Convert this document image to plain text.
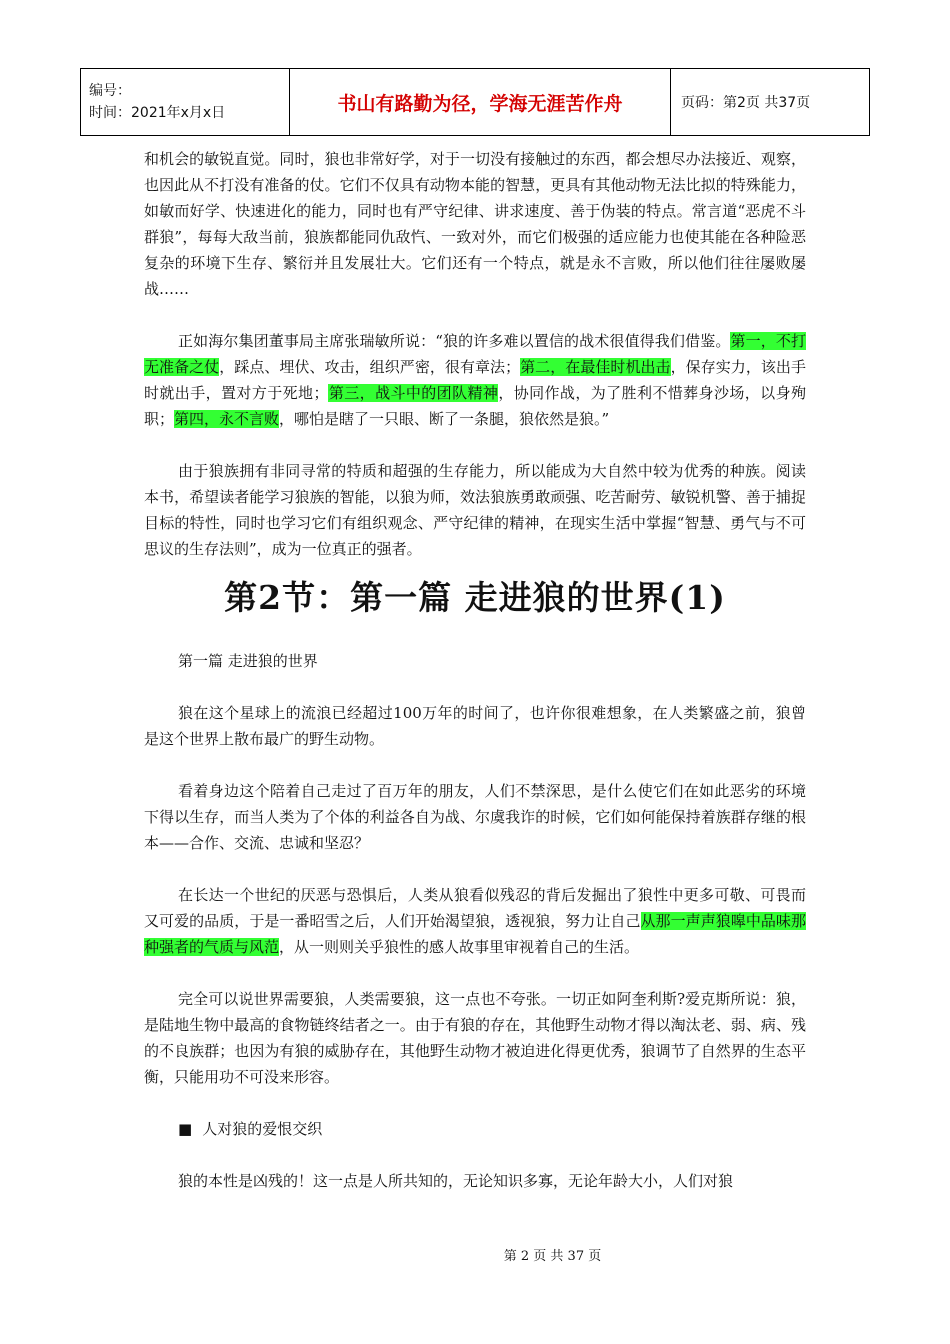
编号：
时间：2021年x月x日	书山有路勤为径，学海无涯苦作舟	页码：第2页 共37页

和机会的敏锐直觉。同时，狼也非常好学，对于一切没有接触过的东西，都会想尽办法接近、观察，也因此从不打没有准备的仗。它们不仅具有动物本能的智慧，更具有其他动物无法比拟的特殊能力，如敏而好学、快速进化的能力，同时也有严守纪律、讲求速度、善于伪装的特点。常言道“恶虎不斗群狼”，每每大敌当前，狼族都能同仇敌忾、一致对外，而它们极强的适应能力也使其能在各种险恶复杂的环境下生存、繁衍并且发展壮大。它们还有一个特点，就是永不言败，所以他们往往屡败屡战……

正如海尔集团董事局主席张瑞敏所说：“狼的许多难以置信的战术很值得我们借鉴。第一，不打无准备之仗，踩点、埋伏、攻击，组织严密，很有章法；第二，在最佳时机出击，保存实力，该出手时就出手，置对方于死地；第三，战斗中的团队精神，协同作战，为了胜利不惜葬身沙场，以身殉职；第四，永不言败，哪怕是瞎了一只眼、断了一条腿，狼依然是狼。”

由于狼族拥有非同寻常的特质和超强的生存能力，所以能成为大自然中较为优秀的种族。阅读本书，希望读者能学习狼族的智能，以狼为师，效法狼族勇敢顽强、吃苦耐劳、敏锐机警、善于捕捉目标的特性，同时也学习它们有组织观念、严守纪律的精神，在现实生活中掌握“智慧、勇气与不可思议的生存法则”，成为一位真正的强者。

第2节：第一篇 走进狼的世界(1)

第一篇 走进狼的世界

狼在这个星球上的流浪已经超过100万年的时间了，也许你很难想象，在人类繁盛之前，狼曾是这个世界上散布最广的野生动物。

看着身边这个陪着自己走过了百万年的朋友，人们不禁深思，是什么使它们在如此恶劣的环境下得以生存，而当人类为了个体的利益各自为战、尔虞我诈的时候，它们如何能保持着族群存继的根本——合作、交流、忠诚和坚忍？

在长达一个世纪的厌恶与恐惧后，人类从狼看似残忍的背后发掘出了狼性中更多可敬、可畏而又可爱的品质，于是一番昭雪之后，人们开始渴望狼，透视狼，努力让自己从那一声声狼嗥中品味那种强者的气质与风范，从一则则关乎狼性的感人故事里审视着自己的生活。

完全可以说世界需要狼，人类需要狼，这一点也不夸张。一切正如阿奎利斯?爱克斯所说：狼，是陆地生物中最高的食物链终结者之一。由于有狼的存在，其他野生动物才得以淘汰老、弱、病、残的不良族群；也因为有狼的威胁存在，其他野生动物才被迫进化得更优秀，狼调节了自然界的生态平衡，只能用功不可没来形容。

■ 人对狼的爱恨交织

狼的本性是凶残的！这一点是人所共知的，无论知识多寡，无论年龄大小，人们对狼

第 2 页 共 37 页
